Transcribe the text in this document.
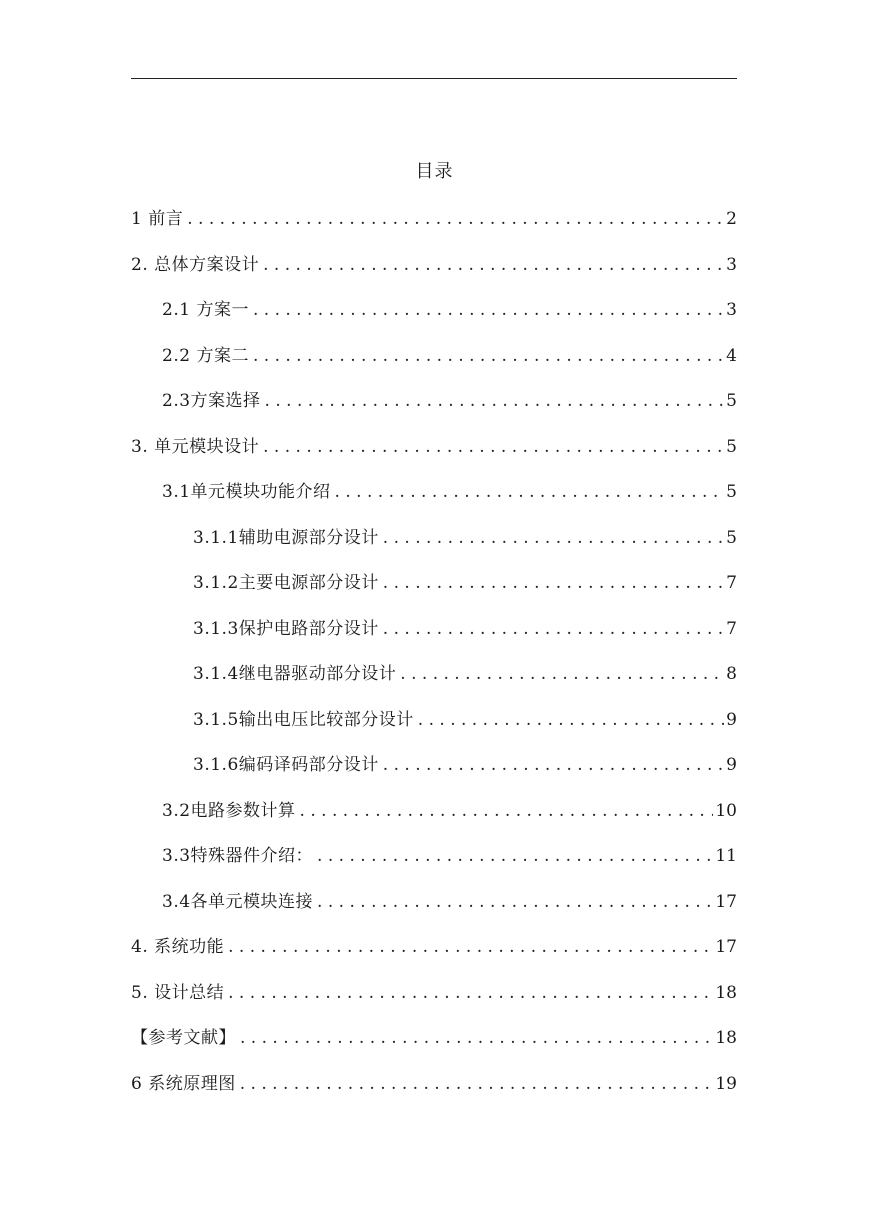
目录
1 前言 . . .	2
2. 总体方案设计 . . .	3
2.1 方案一 . . .	3
2.2 方案二 . . .	4
2.3方案选择 . . .	5
3. 单元模块设计 . . .	5
3.1单元模块功能介绍 . . .	5
3.1.1辅助电源部分设计 . . .	5
3.1.2主要电源部分设计 . . .	7
3.1.3保护电路部分设计 . . .	7
3.1.4继电器驱动部分设计 . . .	8
3.1.5输出电压比较部分设计 . . .	9
3.1.6编码译码部分设计 . . .	9
3.2电路参数计算 . . .	10
3.3特殊器件介绍： . . .	11
3.4各单元模块连接 . . .	17
4. 系统功能 . . .	17
5. 设计总结 . . .	18
【参考文献】 . . .	18
6 系统原理图 . . .	19
